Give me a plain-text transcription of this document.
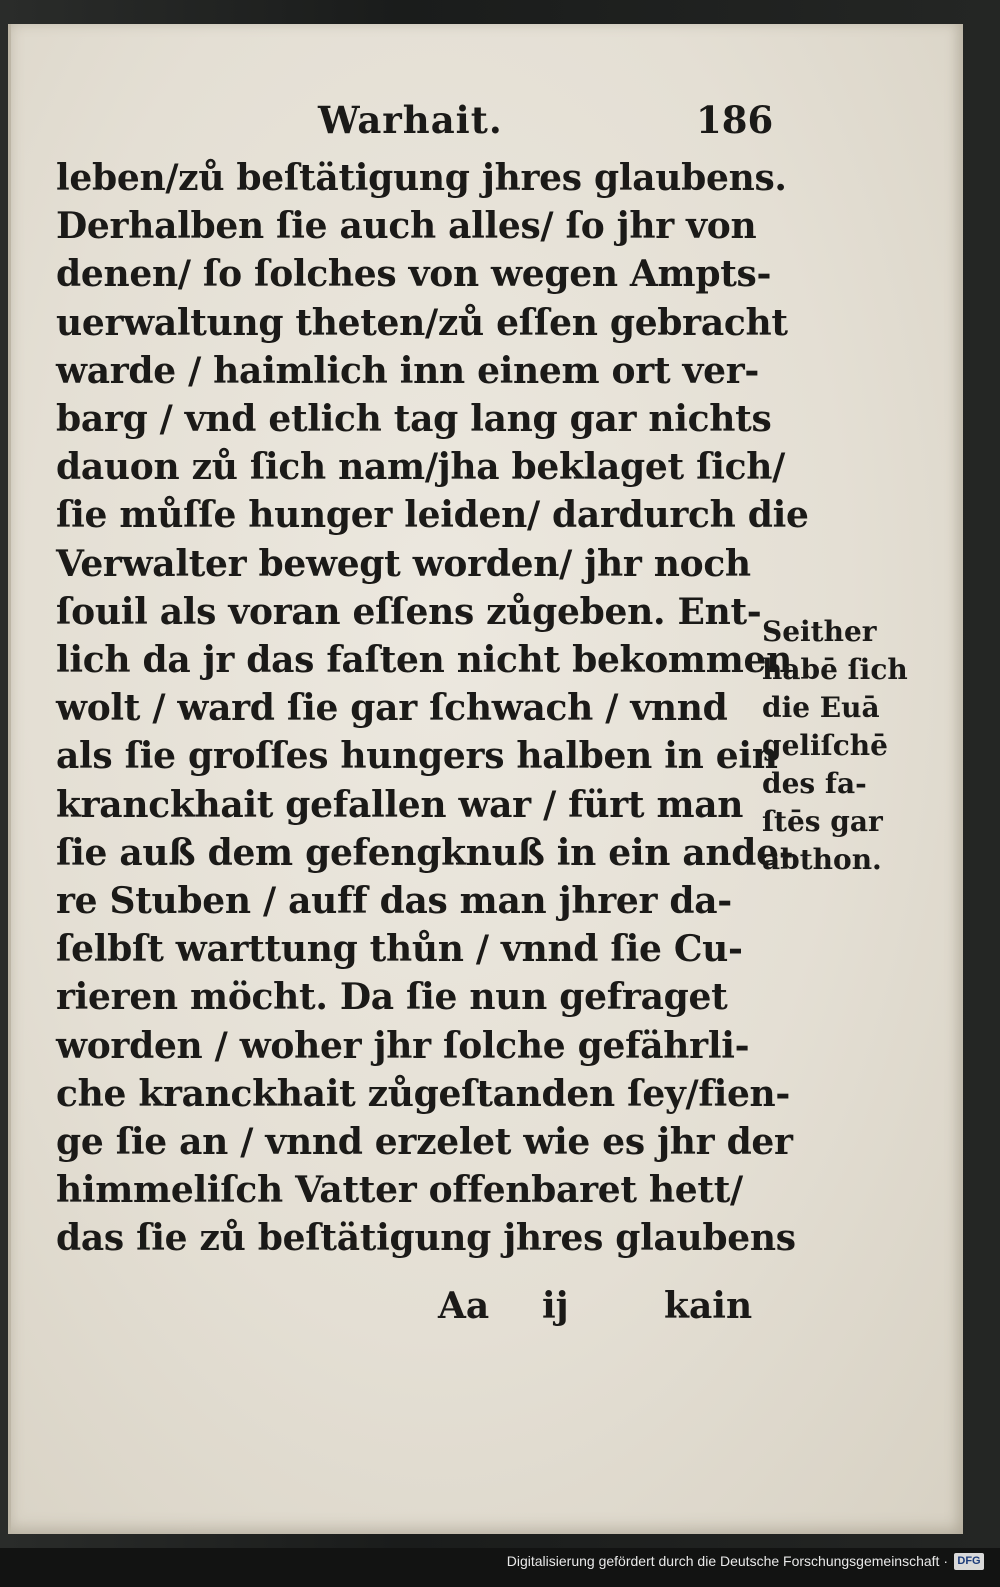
Warhait.	186
leben/zů beſtätigung jhres glaubens.
Derhalben ſie auch alles/ ſo jhr von
denen/ ſo ſolches von wegen Ampts-
uerwaltung theten/zů eſſen gebracht
warde / haimlich inn einem ort ver-
barg / vnd etlich tag lang gar nichts
dauon zů ſich nam/jha beklaget ſich/
ſie můſſe hunger leiden/ dardurch die
Verwalter bewegt worden/ jhr noch
ſouil als voran eſſens zůgeben. Ent-
lich da jr das faſten nicht bekommen
wolt / ward ſie gar ſchwach / vnnd
als ſie groſſes hungers halben in ein
kranckhait gefallen war / fürt man
ſie auß dem gefengknuß in ein ande-
re Stuben / auff das man jhrer da-
ſelbſt warttung thůn / vnnd ſie Cu-
rieren möcht. Da ſie nun gefraget
worden / woher jhr ſolche gefährli-
che kranckhait zůgeſtanden ſey/fien-
ge ſie an / vnnd erzelet wie es jhr der
himmeliſch Vatter offenbaret hett/
das ſie zů beſtätigung jhres glaubens
Seither
habē ſich
die Euā
geliſchē
des fa-
ſtēs gar
abthon.
Aa ij	kain
Digitalisierung gefördert durch die Deutsche Forschungsgemeinschaft · DFG
